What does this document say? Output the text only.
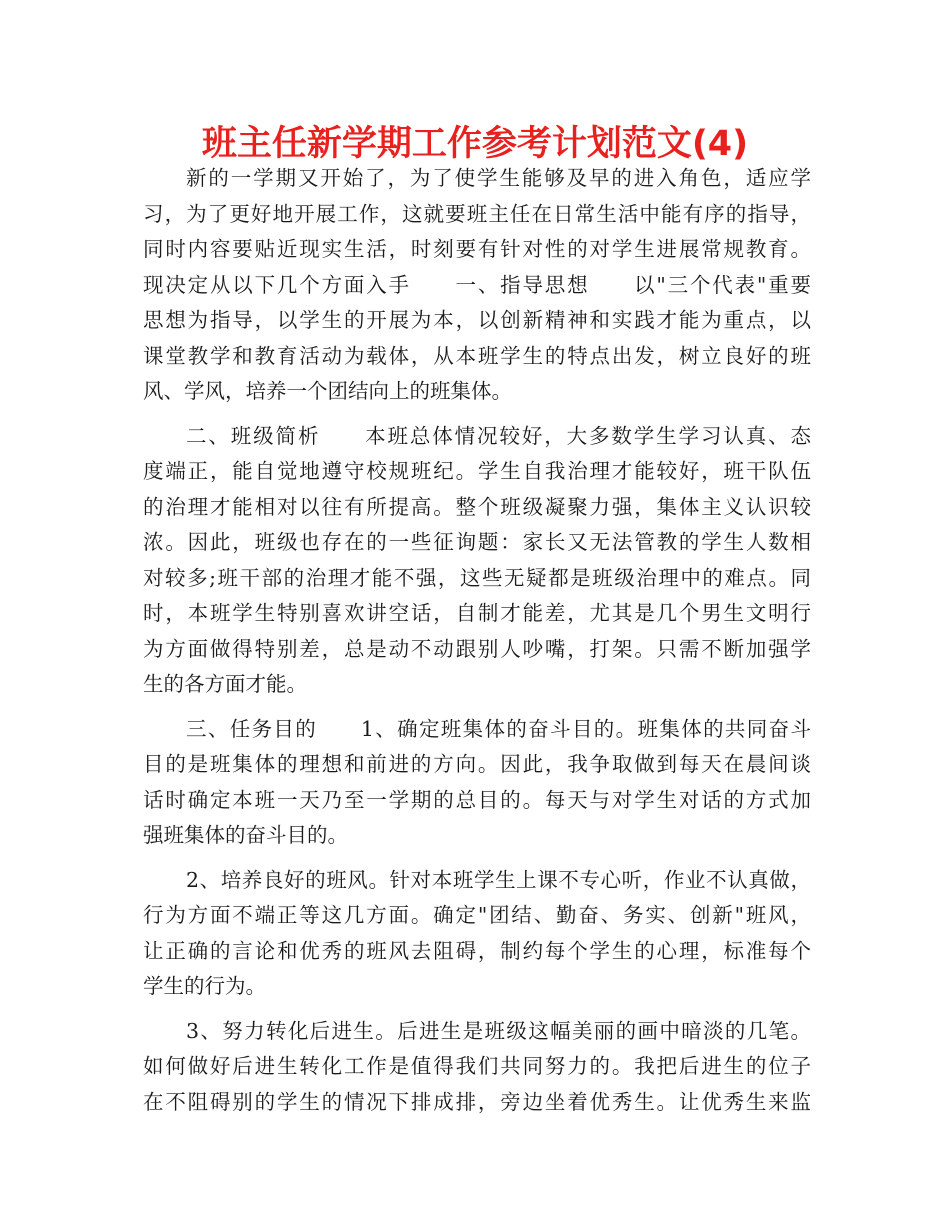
班主任新学期工作参考计划范文(4)
新的一学期又开始了，为了使学生能够及早的进入角色，适应学
习，为了更好地开展工作，这就要班主任在日常生活中能有序的指导，
同时内容要贴近现实生活，时刻要有针对性的对学生进展常规教育。
现决定从以下几个方面入手　　一、指导思想　　以"三个代表"重要
思想为指导，以学生的开展为本，以创新精神和实践才能为重点，以
课堂教学和教育活动为载体，从本班学生的特点出发，树立良好的班
风、学风，培养一个团结向上的班集体。
二、班级简析　　本班总体情况较好，大多数学生学习认真、态
度端正，能自觉地遵守校规班纪。学生自我治理才能较好，班干队伍
的治理才能相对以往有所提高。整个班级凝聚力强，集体主义认识较
浓。因此，班级也存在的一些征询题：家长又无法管教的学生人数相
对较多;班干部的治理才能不强，这些无疑都是班级治理中的难点。同
时，本班学生特别喜欢讲空话，自制才能差，尤其是几个男生文明行
为方面做得特别差，总是动不动跟别人吵嘴，打架。只需不断加强学
生的各方面才能。
三、任务目的　　1、确定班集体的奋斗目的。班集体的共同奋斗
目的是班集体的理想和前进的方向。因此，我争取做到每天在晨间谈
话时确定本班一天乃至一学期的总目的。每天与对学生对话的方式加
强班集体的奋斗目的。
2、培养良好的班风。针对本班学生上课不专心听，作业不认真做，
行为方面不端正等这几方面。确定"团结、勤奋、务实、创新"班风，
让正确的言论和优秀的班风去阻碍，制约每个学生的心理，标准每个
学生的行为。
3、努力转化后进生。后进生是班级这幅美丽的画中暗淡的几笔。
如何做好后进生转化工作是值得我们共同努力的。我把后进生的位子
在不阻碍别的学生的情况下排成排，旁边坐着优秀生。让优秀生来监
